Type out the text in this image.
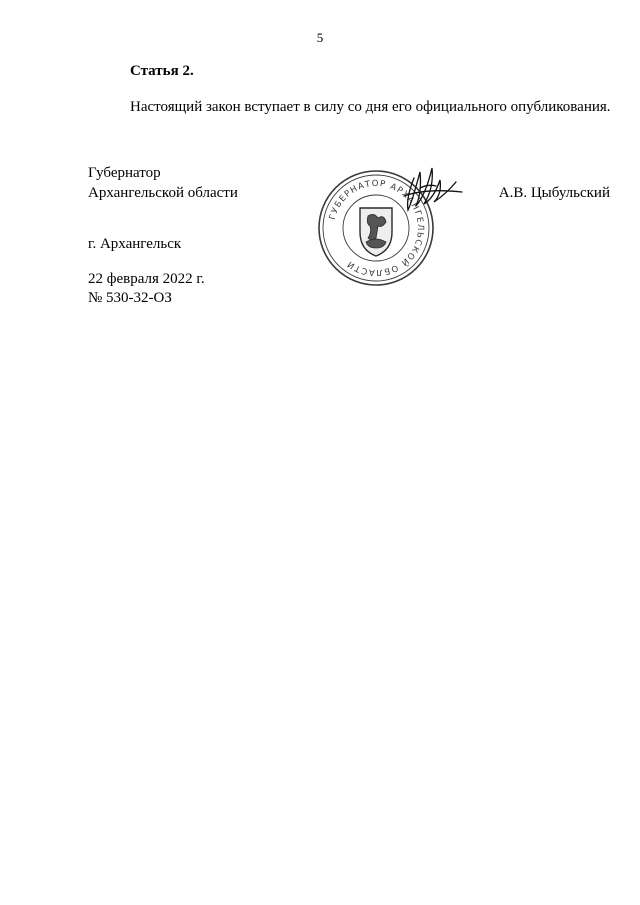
5
Статья 2.

Настоящий закон вступает в силу со дня его официального опубликования.

Губернатор
Архангельской области	А.В. Цыбульский
ГУБЕРНАТОР АРХАНГЕЛЬСКОЙ ОБЛАСТИ
г. Архангельск
22 февраля 2022 г.
№ 530-32-ОЗ
